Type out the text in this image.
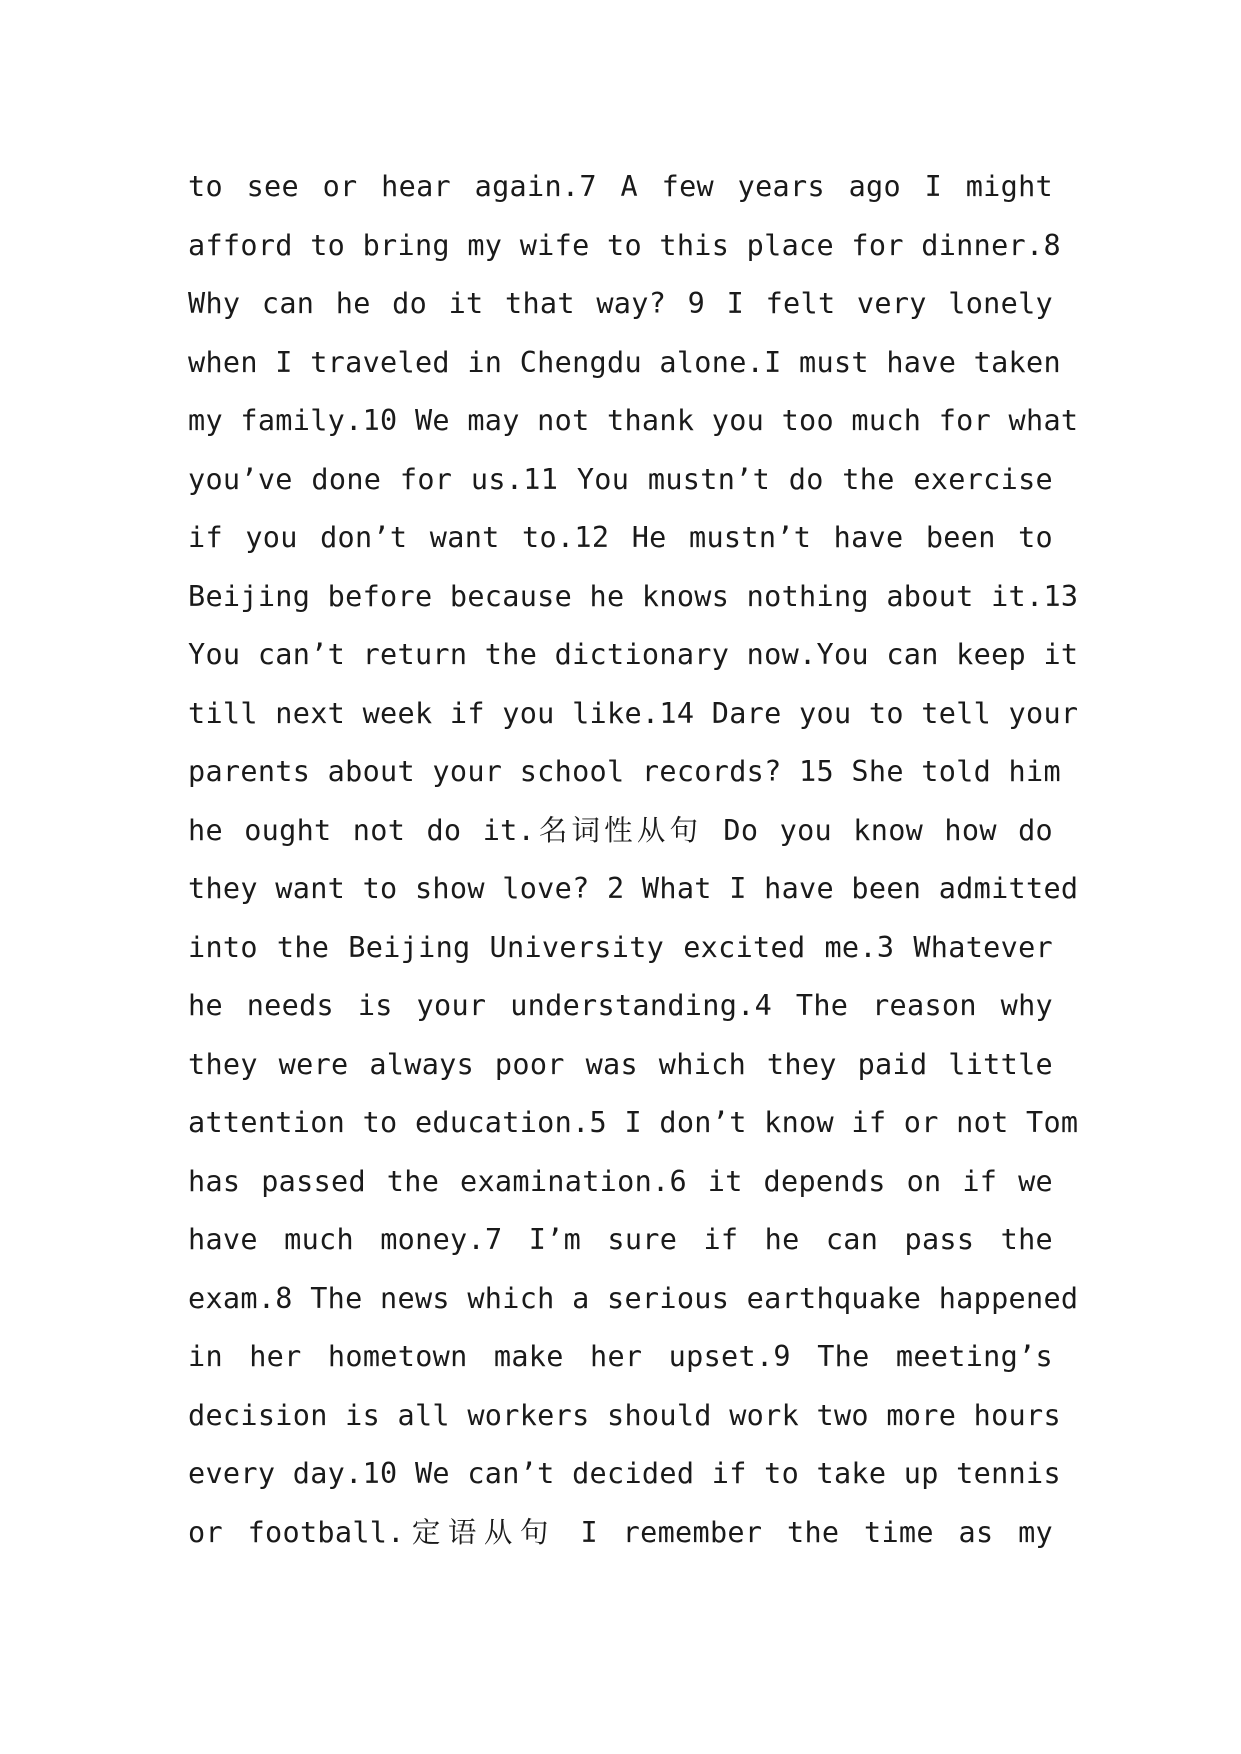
to see or hear again.7 A few years ago I might
afford to bring my wife to this place for dinner.8
Why can he do it that way? 9 I felt very lonely
when I traveled in Chengdu alone.I must have taken
my family.10 We may not thank you too much for what
you’ve done for us.11 You mustn’t do the exercise
if you don’t want to.12 He mustn’t have been to
Beijing before because he knows nothing about it.13
You can’t return the dictionary now.You can keep it
till next week if you like.14 Dare you to tell your
parents about your school records? 15 She told him
he ought not do it.名词性从句 Do you know how do
they want to show love? 2 What I have been admitted
into the Beijing University excited me.3 Whatever
he needs is your understanding.4 The reason why
they were always poor was which they paid little
attention to education.5 I don’t know if or not Tom
has passed the examination.6 it depends on if we
have much money.7 I’m sure if he can pass the
exam.8 The news which a serious earthquake happened
in her hometown make her upset.9 The meeting’s
decision is all workers should work two more hours
every day.10 We can’t decided if to take up tennis
or football.定语从句 I remember the time as my
